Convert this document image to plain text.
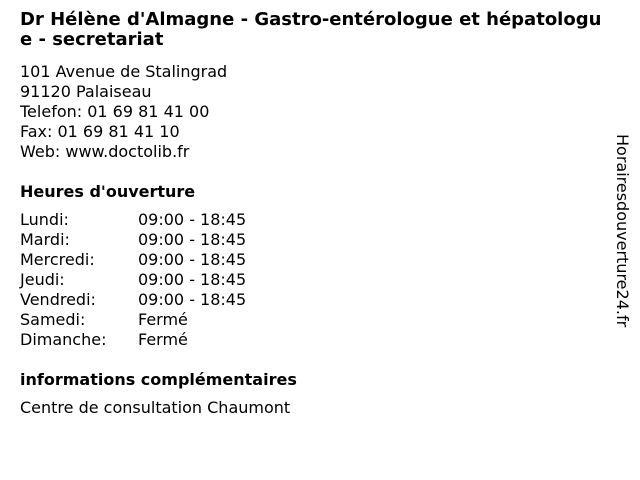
Dr Hélène d'Almagne - Gastro-entérologue et hépatologue - secretariat
101 Avenue de Stalingrad
91120 Palaiseau
Telefon: 01 69 81 41 00
Fax: 01 69 81 41 10
Web: www.doctolib.fr
Heures d'ouverture
Lundi:	09:00 - 18:45
Mardi:	09:00 - 18:45
Mercredi:	09:00 - 18:45
Jeudi:	09:00 - 18:45
Vendredi:	09:00 - 18:45
Samedi:	Fermé
Dimanche:	Fermé
informations complémentaires
Centre de consultation Chaumont
Horairesdouverture24.fr
